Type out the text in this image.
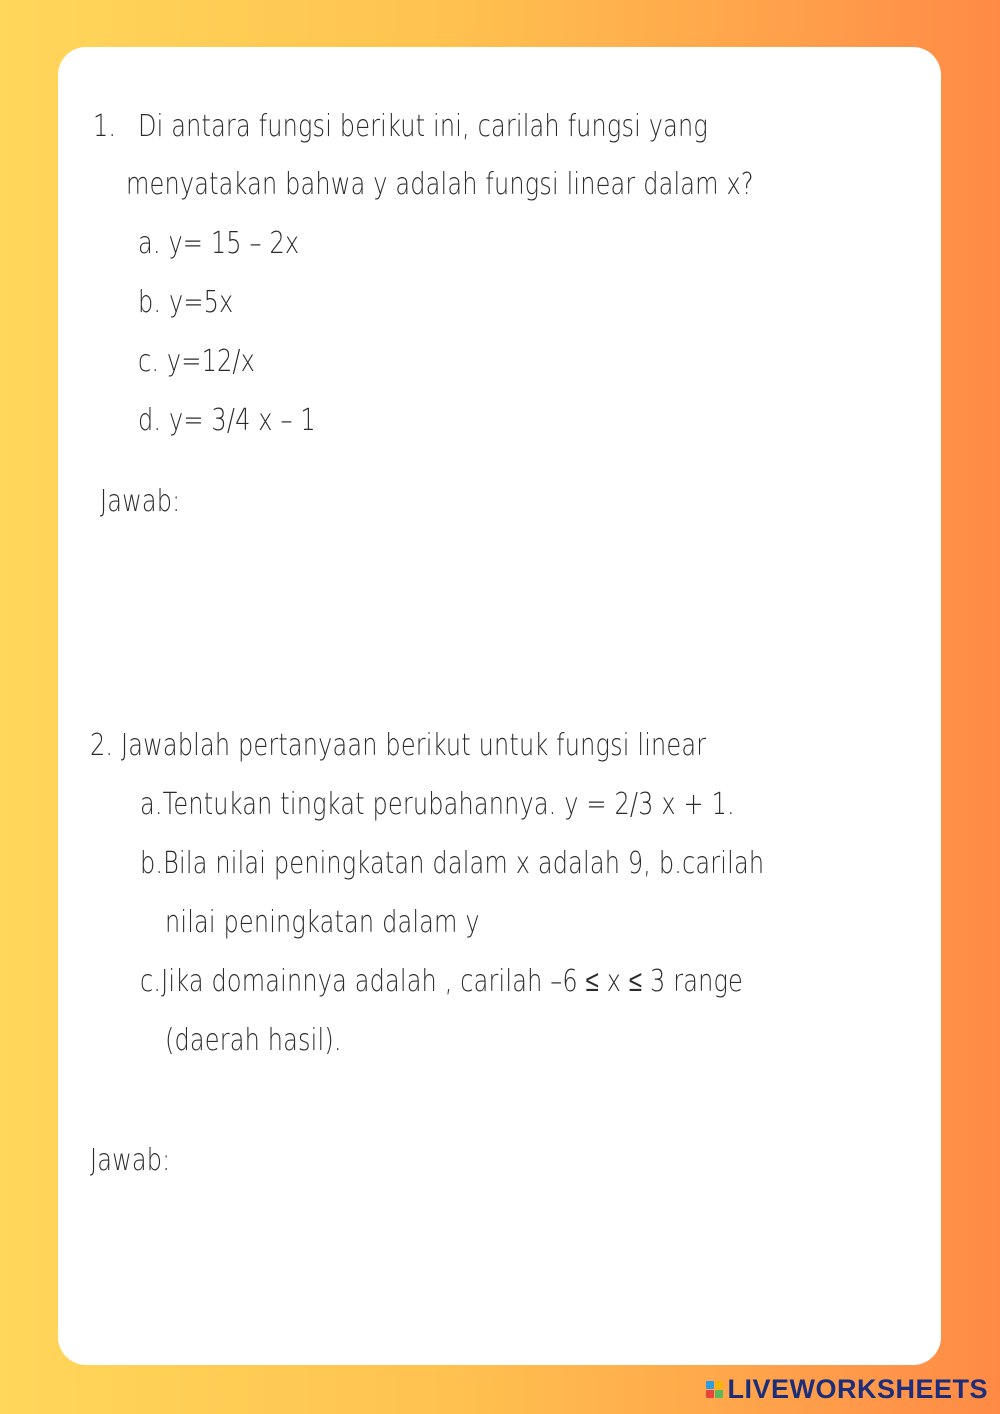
1. Di antara fungsi berikut ini, carilah fungsi yang
menyatakan bahwa y adalah fungsi linear dalam x?
a. y= 15 – 2x
b. y=5x
c. y=12/x
d. y= 3/4 x – 1
Jawab:
2. Jawablah pertanyaan berikut untuk fungsi linear
a.Tentukan tingkat perubahannya. y = 2/3 x + 1.
b.Bila nilai peningkatan dalam x adalah 9, b.carilah
nilai peningkatan dalam y
c.Jika domainnya adalah , carilah –6 ≤ x ≤ 3 range
(daerah hasil).
Jawab:
LIVEWORKSHEETS
